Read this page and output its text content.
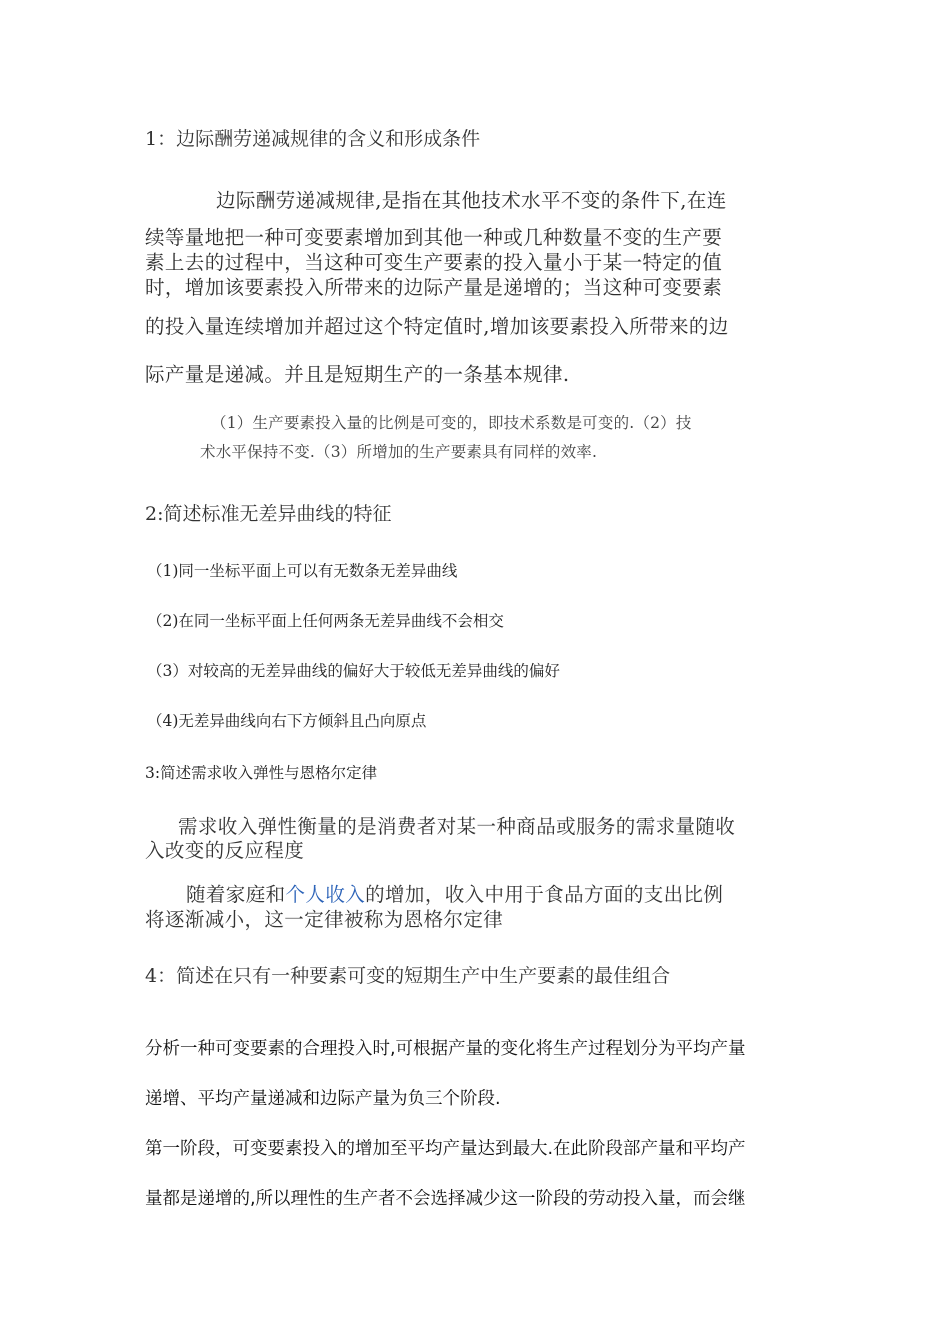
1：边际酬劳递减规律的含义和形成条件

边际酬劳递减规律,是指在其他技术水平不变的条件下,在连

续等量地把一种可变要素增加到其他一种或几种数量不变的生产要

素上去的过程中，当这种可变生产要素的投入量小于某一特定的值

时，增加该要素投入所带来的边际产量是递增的；当这种可变要素

的投入量连续增加并超过这个特定值时,增加该要素投入所带来的边

际产量是递减。并且是短期生产的一条基本规律.

（1）生产要素投入量的比例是可变的，即技术系数是可变的.（2）技

术水平保持不变.（3）所增加的生产要素具有同样的效率.

2:简述标准无差异曲线的特征

（1)同一坐标平面上可以有无数条无差异曲线

（2)在同一坐标平面上任何两条无差异曲线不会相交

（3）对较高的无差异曲线的偏好大于较低无差异曲线的偏好

（4)无差异曲线向右下方倾斜且凸向原点

3:简述需求收入弹性与恩格尔定律

需求收入弹性衡量的是消费者对某一种商品或服务的需求量随收

入改变的反应程度

随着家庭和个人收入的增加，收入中用于食品方面的支出比例

将逐渐减小，这一定律被称为恩格尔定律

4：简述在只有一种要素可变的短期生产中生产要素的最佳组合

分析一种可变要素的合理投入时,可根据产量的变化将生产过程划分为平均产量

递增、平均产量递减和边际产量为负三个阶段.

第一阶段，可变要素投入的增加至平均产量达到最大.在此阶段部产量和平均产

量都是递增的,所以理性的生产者不会选择减少这一阶段的劳动投入量，而会继
